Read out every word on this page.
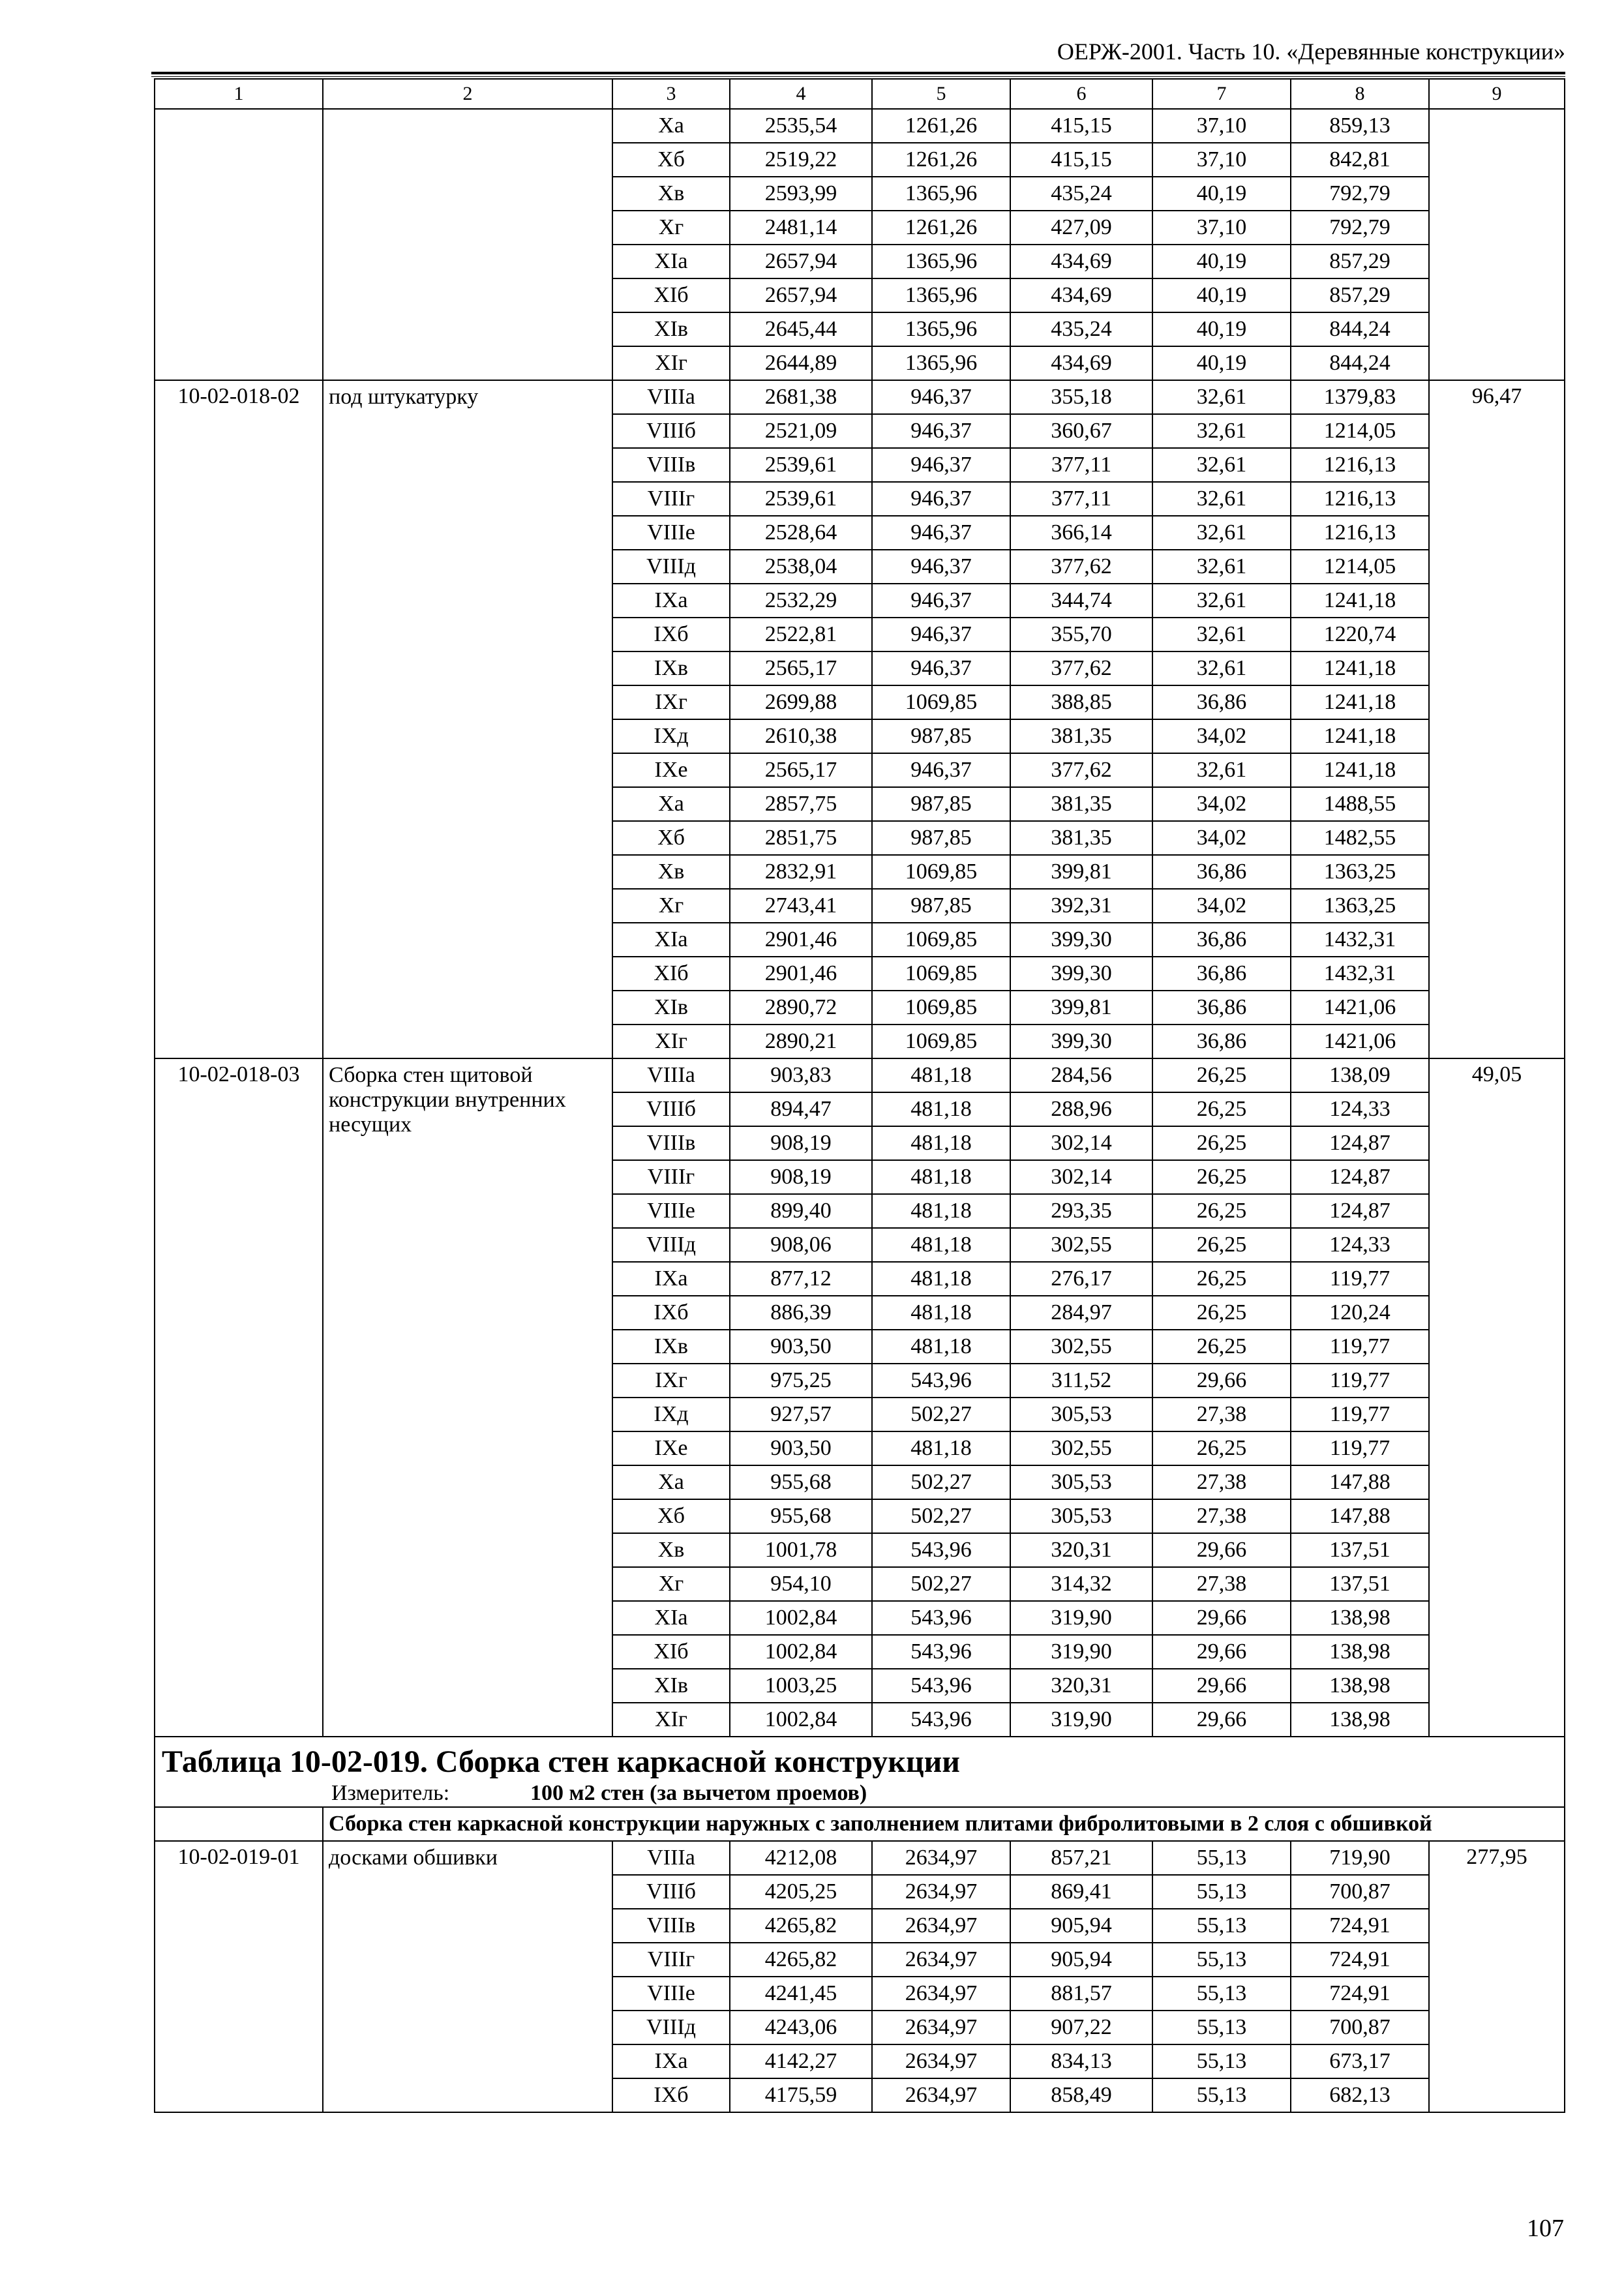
ОЕРЖ-2001. Часть 10. «Деревянные конструкции»
1	2	3	4	5	6	7	8	9
		Xa	2535,54	1261,26	415,15	37,10	859,13	
		Xб	2519,22	1261,26	415,15	37,10	842,81	
		Xв	2593,99	1365,96	435,24	40,19	792,79	
		Xг	2481,14	1261,26	427,09	37,10	792,79	
		XIa	2657,94	1365,96	434,69	40,19	857,29	
		XIб	2657,94	1365,96	434,69	40,19	857,29	
		XIв	2645,44	1365,96	435,24	40,19	844,24	
		XIг	2644,89	1365,96	434,69	40,19	844,24	
10-02-018-02	под штукатурку	VIIIa	2681,38	946,37	355,18	32,61	1379,83	96,47
		VIIIб	2521,09	946,37	360,67	32,61	1214,05	
		VIIIв	2539,61	946,37	377,11	32,61	1216,13	
		VIIIг	2539,61	946,37	377,11	32,61	1216,13	
		VIIIe	2528,64	946,37	366,14	32,61	1216,13	
		VIIIд	2538,04	946,37	377,62	32,61	1214,05	
		IXa	2532,29	946,37	344,74	32,61	1241,18	
		IXб	2522,81	946,37	355,70	32,61	1220,74	
		IXв	2565,17	946,37	377,62	32,61	1241,18	
		IXг	2699,88	1069,85	388,85	36,86	1241,18	
		IXд	2610,38	987,85	381,35	34,02	1241,18	
		IXe	2565,17	946,37	377,62	32,61	1241,18	
		Xa	2857,75	987,85	381,35	34,02	1488,55	
		Xб	2851,75	987,85	381,35	34,02	1482,55	
		Xв	2832,91	1069,85	399,81	36,86	1363,25	
		Xг	2743,41	987,85	392,31	34,02	1363,25	
		XIa	2901,46	1069,85	399,30	36,86	1432,31	
		XIб	2901,46	1069,85	399,30	36,86	1432,31	
		XIв	2890,72	1069,85	399,81	36,86	1421,06	
		XIг	2890,21	1069,85	399,30	36,86	1421,06	
10-02-018-03	Сборка стен щитовой конструкции внутренних несущих	VIIIa	903,83	481,18	284,56	26,25	138,09	49,05
		VIIIб	894,47	481,18	288,96	26,25	124,33	
		VIIIв	908,19	481,18	302,14	26,25	124,87	
		VIIIг	908,19	481,18	302,14	26,25	124,87	
		VIIIe	899,40	481,18	293,35	26,25	124,87	
		VIIIд	908,06	481,18	302,55	26,25	124,33	
		IXa	877,12	481,18	276,17	26,25	119,77	
		IXб	886,39	481,18	284,97	26,25	120,24	
		IXв	903,50	481,18	302,55	26,25	119,77	
		IXг	975,25	543,96	311,52	29,66	119,77	
		IXд	927,57	502,27	305,53	27,38	119,77	
		IXe	903,50	481,18	302,55	26,25	119,77	
		Xa	955,68	502,27	305,53	27,38	147,88	
		Xб	955,68	502,27	305,53	27,38	147,88	
		Xв	1001,78	543,96	320,31	29,66	137,51	
		Xг	954,10	502,27	314,32	27,38	137,51	
		XIa	1002,84	543,96	319,90	29,66	138,98	
		XIб	1002,84	543,96	319,90	29,66	138,98	
		XIв	1003,25	543,96	320,31	29,66	138,98	
		XIг	1002,84	543,96	319,90	29,66	138,98	

Таблица 10-02-019. Сборка стен каркасной конструкции
Измеритель: 100 м2 стен (за вычетом проемов)								

	Сборка стен каркасной конструкции наружных с заполнением плитами фибролитовыми в 2 слоя с обшивкой							
10-02-019-01	досками обшивки	VIIIa	4212,08	2634,97	857,21	55,13	719,90	277,95
		VIIIб	4205,25	2634,97	869,41	55,13	700,87	
		VIIIв	4265,82	2634,97	905,94	55,13	724,91	
		VIIIг	4265,82	2634,97	905,94	55,13	724,91	
		VIIIe	4241,45	2634,97	881,57	55,13	724,91	
		VIIIд	4243,06	2634,97	907,22	55,13	700,87	
		IXa	4142,27	2634,97	834,13	55,13	673,17	
		IXб	4175,59	2634,97	858,49	55,13	682,13	
107
